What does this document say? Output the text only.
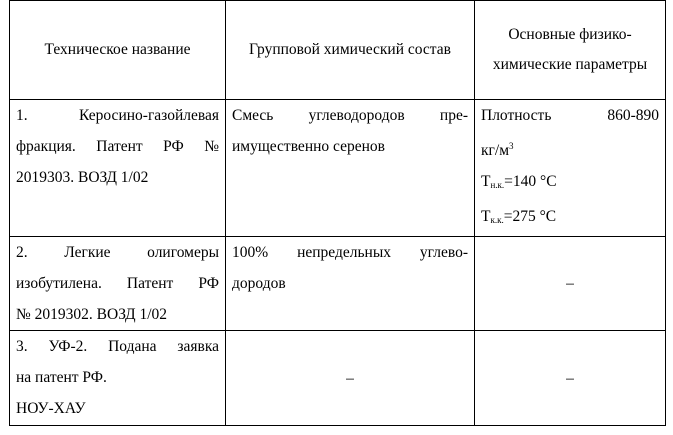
Техническое название	Групповой химический состав	Основные физико-химические параметры

1. Керосино-газойлевая
фракция. Патент РФ №
2019303. ВОЗД 1/02	Смесь углеводородов пре-
имущественно серенов	Плотность 860-890
$кг/м^3$
$Т_{н.к.}=140$ °С
$Т_{к.к.}=275$ °С

2. Легкие олигомеры
изобутилена. Патент РФ
№ 2019302. ВОЗД 1/02	100% непредельных углево-
дородов	–

3. УФ-2. Подана заявка
на патент РФ.
НОУ-ХАУ	–	–
